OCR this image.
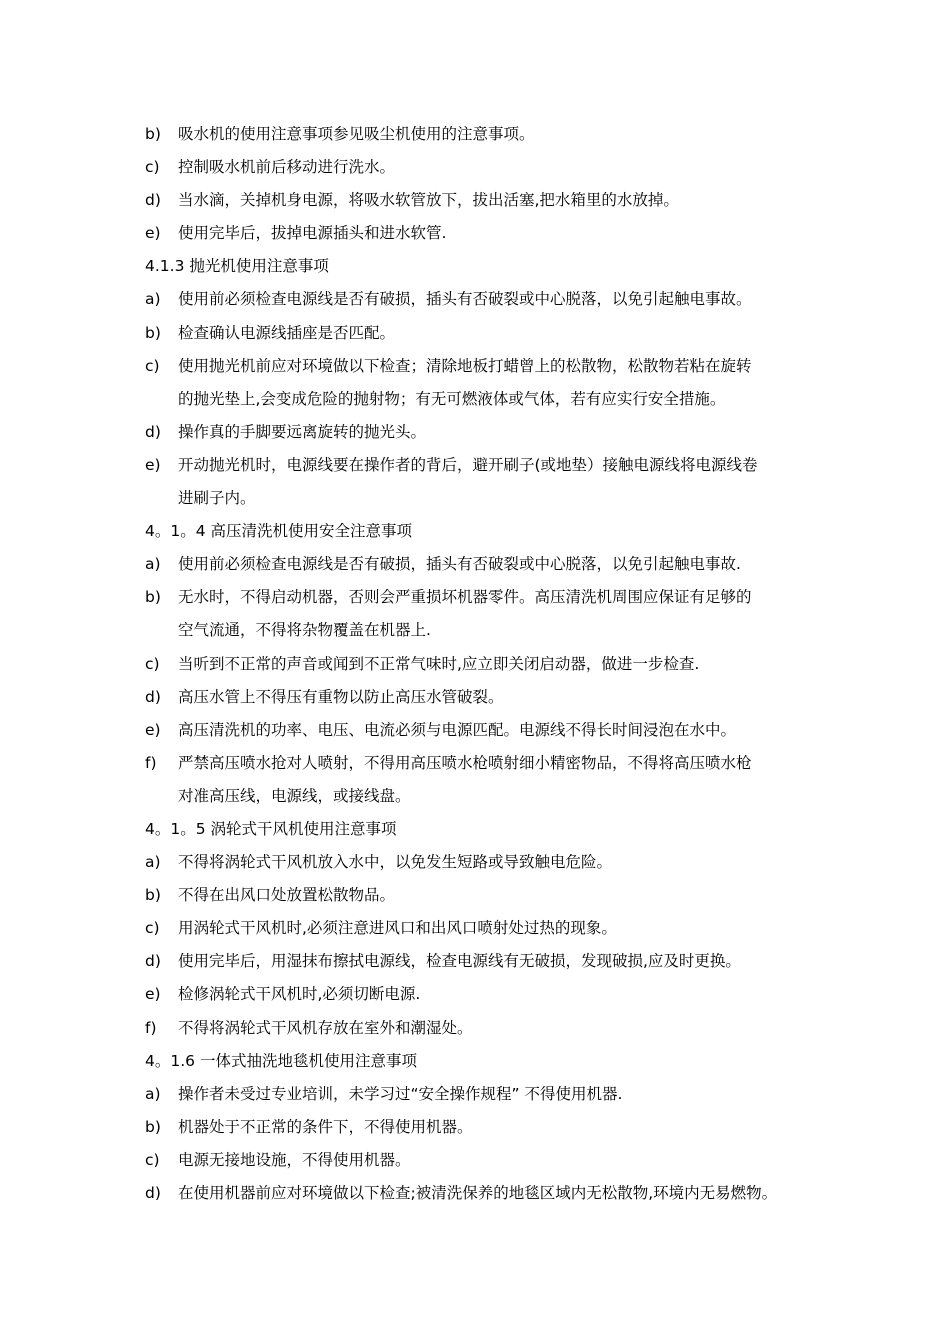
b)	吸水机的使用注意事项参见吸尘机使用的注意事项。
c)	控制吸水机前后移动进行洗水。
d)	当水滴，关掉机身电源，将吸水软管放下，拔出活塞,把水箱里的水放掉。
e)	使用完毕后，拔掉电源插头和进水软管.
4.1.3 抛光机使用注意事项
a)	使用前必须检查电源线是否有破损，插头有否破裂或中心脱落，以免引起触电事故。
b)	检查确认电源线插座是否匹配。
c)	使用抛光机前应对环境做以下检查；清除地板打蜡曾上的松散物，松散物若粘在旋转
的抛光垫上,会变成危险的抛射物；有无可燃液体或气体，若有应实行安全措施。
d)	操作真的手脚要远离旋转的抛光头。
e)	开动抛光机时，电源线要在操作者的背后，避开刷子(或地垫）接触电源线将电源线卷
进刷子内。
4。1。4 高压清洗机使用安全注意事项
a)	使用前必须检查电源线是否有破损，插头有否破裂或中心脱落，以免引起触电事故.
b)	无水时，不得启动机器，否则会严重损坏机器零件。高压清洗机周围应保证有足够的
空气流通，不得将杂物覆盖在机器上.
c)	当听到不正常的声音或闻到不正常气味时,应立即关闭启动器，做进一步检查.
d)	高压水管上不得压有重物以防止高压水管破裂。
e)	高压清洗机的功率、电压、电流必须与电源匹配。电源线不得长时间浸泡在水中。
f)	严禁高压喷水抢对人喷射，不得用高压喷水枪喷射细小精密物品，不得将高压喷水枪
对准高压线，电源线，或接线盘。
4。1。5 涡轮式干风机使用注意事项
a)	不得将涡轮式干风机放入水中，以免发生短路或导致触电危险。
b)	不得在出风口处放置松散物品。
c)	用涡轮式干风机时,必须注意进风口和出风口喷射处过热的现象。
d)	使用完毕后，用湿抹布擦拭电源线，检查电源线有无破损，发现破损,应及时更换。
e)	检修涡轮式干风机时,必须切断电源.
f)	不得将涡轮式干风机存放在室外和潮湿处。
4。1.6 一体式抽洗地毯机使用注意事项
a)	操作者未受过专业培训，未学习过“安全操作规程” 不得使用机器.
b)	机器处于不正常的条件下，不得使用机器。
c)	电源无接地设施，不得使用机器。
d)	在使用机器前应对环境做以下检查;被清洗保养的地毯区域内无松散物,环境内无易燃物。
